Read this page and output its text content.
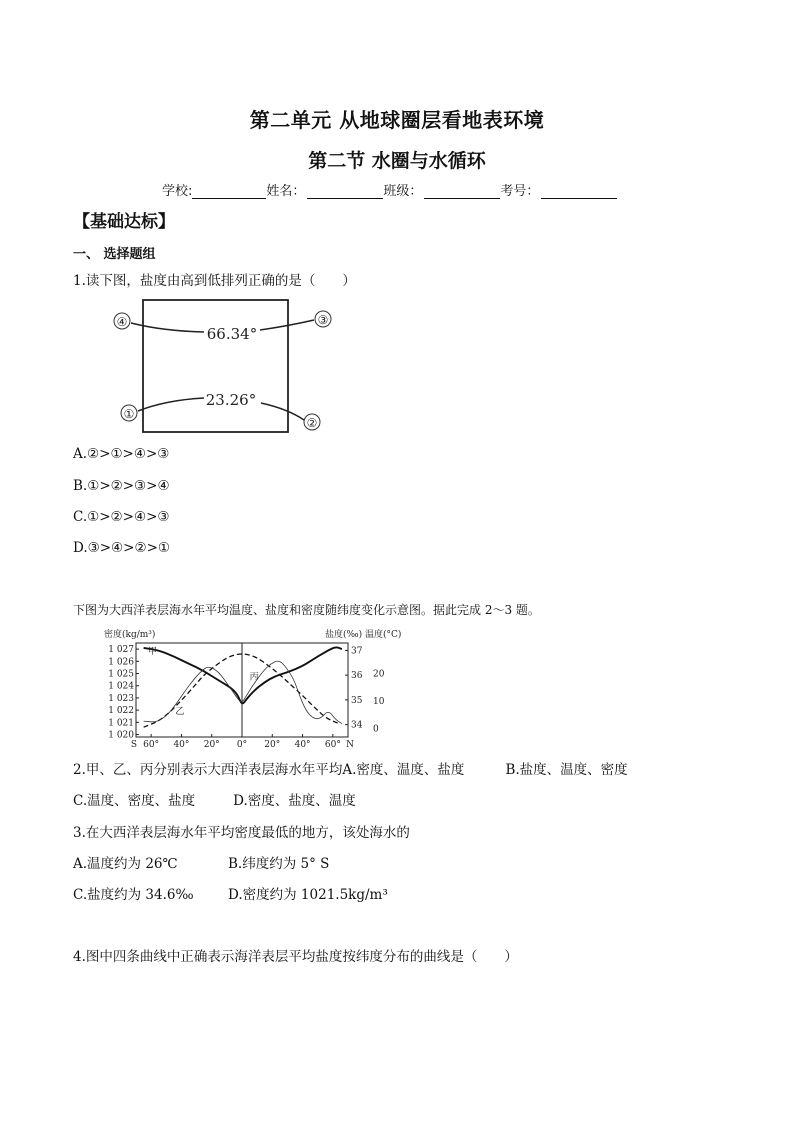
第二单元 从地球圈层看地表环境
第二节 水圈与水循环
学校:	姓名：	班级：	考号：
【基础达标】
一、 选择题组
1.读下图，盐度由高到低排列正确的是（　　）
④	③
①
②
66.34°
23.26°
A.②>①>④>③
B.①>②>③>④
C.①>②>④>③
D.③>④>②>①
下图为大西洋表层海水年平均温度、盐度和密度随纬度变化示意图。据此完成 2～3 题。
密度(kg/m³)	盐度(‰) 温度(°C)
1 027
1 026
1 025
1 024
1 023
1 022
1 021
1 020
37
36
35
34
20
10
0
S 60° 40° 20° 0° 20° 40° 60° N
甲
乙
丙
2.甲、乙、丙分别表示大西洋表层海水年平均A.密度、温度、盐度	B.盐度、温度、密度
C.温度、密度、盐度	D.密度、盐度、温度
3.在大西洋表层海水年平均密度最低的地方，该处海水的
A.温度约为 26℃	B.纬度约为 5° S
C.盐度约为 34.6‰	D.密度约为 1021.5kg/m³
4.图中四条曲线中正确表示海洋表层平均盐度按纬度分布的曲线是（　　）
